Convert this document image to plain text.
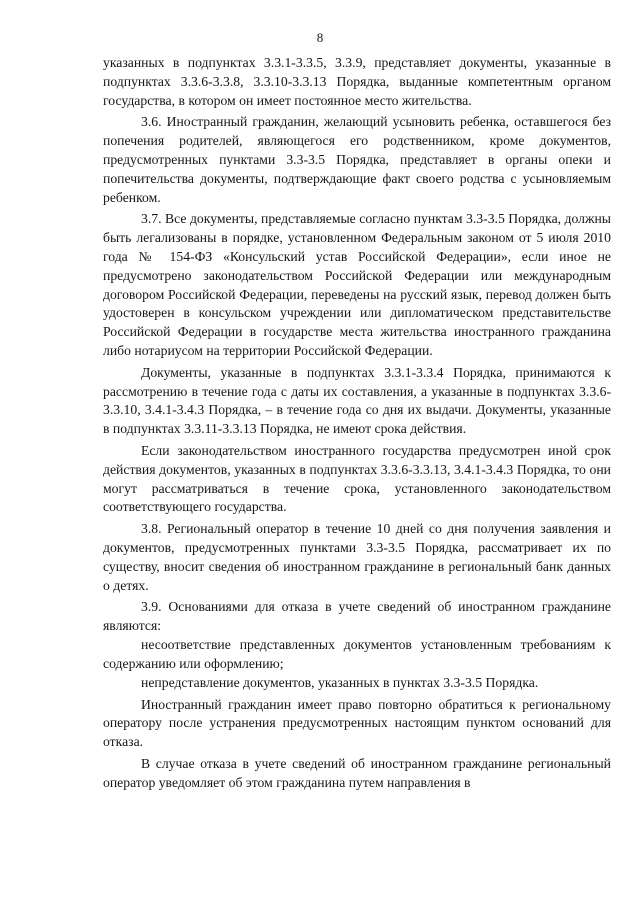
8

указанных в подпунктах 3.3.1-3.3.5, 3.3.9, представляет документы, указанные в подпунктах 3.3.6-3.3.8, 3.3.10-3.3.13 Порядка, выданные компетентным органом государства, в котором он имеет постоянное место жительства.

3.6. Иностранный гражданин, желающий усыновить ребенка, оставшегося без попечения родителей, являющегося его родственником, кроме документов, предусмотренных пунктами 3.3-3.5 Порядка, представляет в органы опеки и попечительства документы, подтверждающие факт своего родства с усыновляемым ребенком.

3.7. Все документы, представляемые согласно пунктам 3.3-3.5 Порядка, должны быть легализованы в порядке, установленном Федеральным законом от 5 июля 2010 года № 154-ФЗ «Консульский устав Российской Федерации», если иное не предусмотрено законодательством Российской Федерации или международным договором Российской Федерации, переведены на русский язык, перевод должен быть удостоверен в консульском учреждении или дипломатическом представительстве Российской Федерации в государстве места жительства иностранного гражданина либо нотариусом на территории Российской Федерации.

Документы, указанные в подпунктах 3.3.1-3.3.4 Порядка, принимаются к рассмотрению в течение года с даты их составления, а указанные в подпунктах 3.3.6-3.3.10, 3.4.1-3.4.3 Порядка, – в течение года со дня их выдачи. Документы, указанные в подпунктах 3.3.11-3.3.13 Порядка, не имеют срока действия.

Если законодательством иностранного государства предусмотрен иной срок действия документов, указанных в подпунктах 3.3.6-3.3.13, 3.4.1-3.4.3 Порядка, то они могут рассматриваться в течение срока, установленного законодательством соответствующего государства.

3.8. Региональный оператор в течение 10 дней со дня получения заявления и документов, предусмотренных пунктами 3.3-3.5 Порядка, рассматривает их по существу, вносит сведения об иностранном гражданине в региональный банк данных о детях.

3.9. Основаниями для отказа в учете сведений об иностранном гражданине являются:

несоответствие представленных документов установленным требованиям к содержанию или оформлению;

непредставление документов, указанных в пунктах 3.3-3.5 Порядка.

Иностранный гражданин имеет право повторно обратиться к региональному оператору после устранения предусмотренных настоящим пунктом оснований для отказа.

В случае отказа в учете сведений об иностранном гражданине региональный оператор уведомляет об этом гражданина путем направления в
